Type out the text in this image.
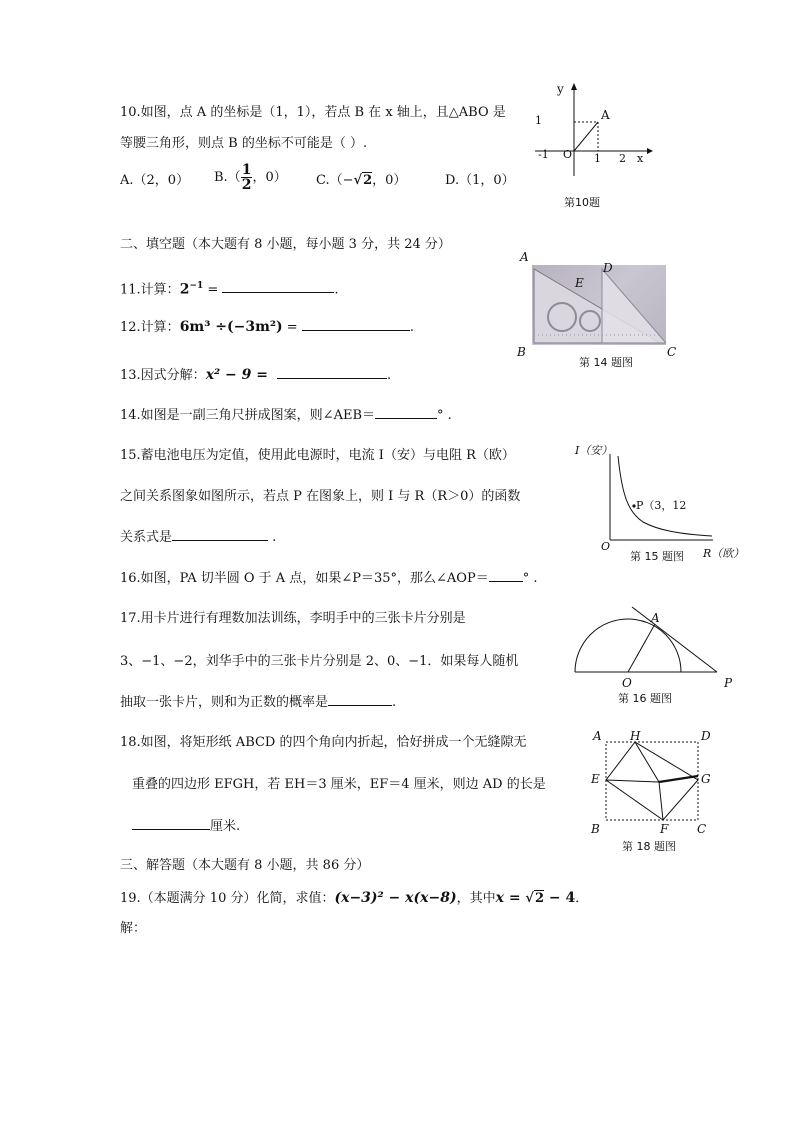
10.如图，点 A 的坐标是（1，1），若点 B 在 x 轴上，且△ABO 是
等腰三角形，则点 B 的坐标不可能是（ ）.
A.（2，0） $B.( \frac{1}{2}$ ，0） C.（−√2，0）	D.（1，0）
y
A
1
-1 O 1 2 x
第10题
二、填空题（本大题有 8 小题，每小题 3 分，共 24 分）
11.计算：$2^{-1}$ =	.
12.计算：6m³ ÷(−3m²) =	.
13.因式分解：x² − 9 =	.
A
D
E
B	C
第 14 题图
14.如图是一副三角尺拼成图案，则∠AEB＝	° .
15.蓄电池电压为定值，使用此电源时，电流 I（安）与电阻 R（欧）
之间关系图象如图所示，若点 P 在图象上，则 I 与 R（R＞0）的函数
关系式是	.
I（安）
P（3，12
O
R（欧）
第 15 题图
16.如图，PA 切半圆 O 于 A 点，如果∠P＝35°，那么∠AOP＝	° .
A
O	P
第 16 题图
17.用卡片进行有理数加法训练，李明手中的三张卡片分别是
3、−1、−2，刘华手中的三张卡片分别是 2、0、−1．如果每人随机
抽取一张卡片，则和为正数的概率是	.
18.如图，将矩形纸 ABCD 的四个角向内折起，恰好拼成一个无缝隙无
重叠的四边形 EFGH，若 EH＝3 厘米，EF＝4 厘米，则边 AD 的长是
厘米.
A H	D
E	G
B	F C
第 18 题图
三、解答题（本大题有 8 小题，共 86 分）
19.（本题满分 10 分）化简，求值：(x−3)² − x(x−8)，其中x = √2 − 4．
解：
